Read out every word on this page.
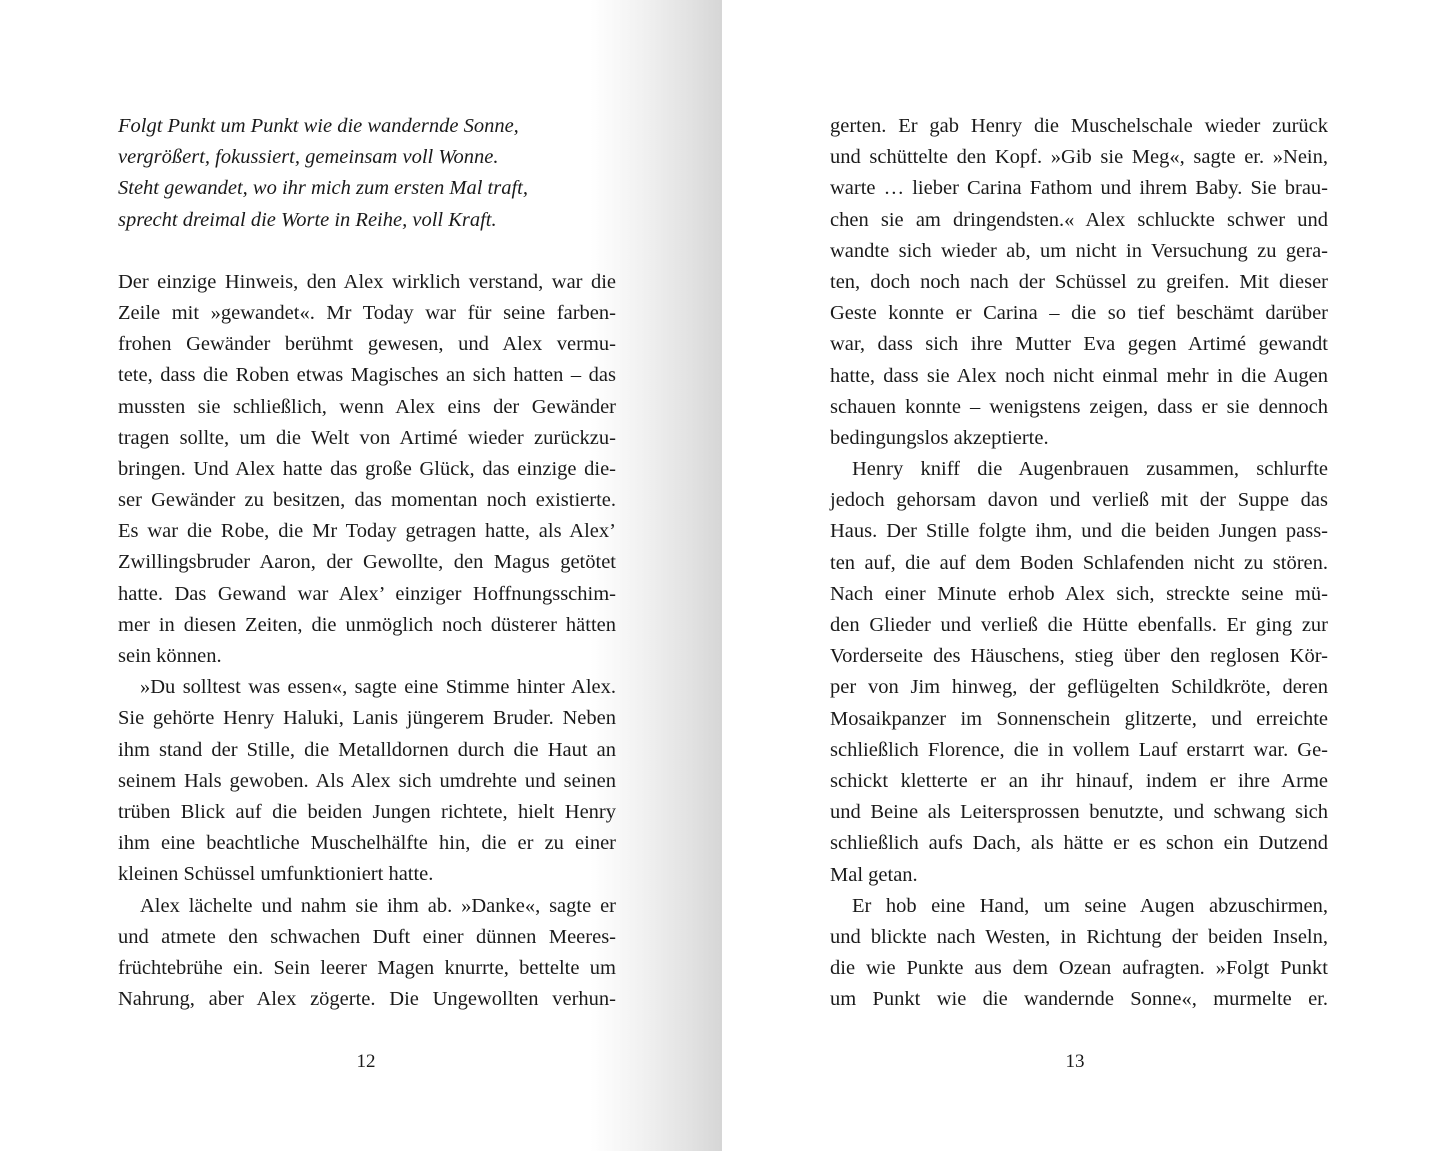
Folgt Punkt um Punkt wie die wandernde Sonne,
vergrößert, fokussiert, gemeinsam voll Wonne.
Steht gewandet, wo ihr mich zum ersten Mal traft,
sprecht dreimal die Worte in Reihe, voll Kraft.
Der einzige Hinweis, den Alex wirklich verstand, war die
Zeile mit »gewandet«. Mr Today war für seine farben-
frohen Gewänder berühmt gewesen, und Alex vermu-
tete, dass die Roben etwas Magisches an sich hatten – das
mussten sie schließlich, wenn Alex eins der Gewänder
tragen sollte, um die Welt von Artimé wieder zurückzu-
bringen. Und Alex hatte das große Glück, das einzige die-
ser Gewänder zu besitzen, das momentan noch existierte.
Es war die Robe, die Mr Today getragen hatte, als Alex’
Zwillingsbruder Aaron, der Gewollte, den Magus getötet
hatte. Das Gewand war Alex’ einziger Hoffnungsschim-
mer in diesen Zeiten, die unmöglich noch düsterer hätten
sein können.
»Du solltest was essen«, sagte eine Stimme hinter Alex.
Sie gehörte Henry Haluki, Lanis jüngerem Bruder. Neben
ihm stand der Stille, die Metalldornen durch die Haut an
seinem Hals gewoben. Als Alex sich umdrehte und seinen
trüben Blick auf die beiden Jungen richtete, hielt Henry
ihm eine beachtliche Muschelhälfte hin, die er zu einer
kleinen Schüssel umfunktioniert hatte.
Alex lächelte und nahm sie ihm ab. »Danke«, sagte er
und atmete den schwachen Duft einer dünnen Meeres-
früchtebrühe ein. Sein leerer Magen knurrte, bettelte um
Nahrung, aber Alex zögerte. Die Ungewollten verhun-
12
gerten. Er gab Henry die Muschelschale wieder zurück
und schüttelte den Kopf. »Gib sie Meg«, sagte er. »Nein,
warte … lieber Carina Fathom und ihrem Baby. Sie brau-
chen sie am dringendsten.« Alex schluckte schwer und
wandte sich wieder ab, um nicht in Versuchung zu gera-
ten, doch noch nach der Schüssel zu greifen. Mit dieser
Geste konnte er Carina – die so tief beschämt darüber
war, dass sich ihre Mutter Eva gegen Artimé gewandt
hatte, dass sie Alex noch nicht einmal mehr in die Augen
schauen konnte – wenigstens zeigen, dass er sie dennoch
bedingungslos akzeptierte.
Henry kniff die Augenbrauen zusammen, schlurfte
jedoch gehorsam davon und verließ mit der Suppe das
Haus. Der Stille folgte ihm, und die beiden Jungen pass-
ten auf, die auf dem Boden Schlafenden nicht zu stören.
Nach einer Minute erhob Alex sich, streckte seine mü-
den Glieder und verließ die Hütte ebenfalls. Er ging zur
Vorderseite des Häuschens, stieg über den reglosen Kör-
per von Jim hinweg, der geflügelten Schildkröte, deren
Mosaikpanzer im Sonnenschein glitzerte, und erreichte
schließlich Florence, die in vollem Lauf erstarrt war. Ge-
schickt kletterte er an ihr hinauf, indem er ihre Arme
und Beine als Leitersprossen benutzte, und schwang sich
schließlich aufs Dach, als hätte er es schon ein Dutzend
Mal getan.
Er hob eine Hand, um seine Augen abzuschirmen,
und blickte nach Westen, in Richtung der beiden Inseln,
die wie Punkte aus dem Ozean aufragten. »Folgt Punkt
um Punkt wie die wandernde Sonne«, murmelte er.
13
